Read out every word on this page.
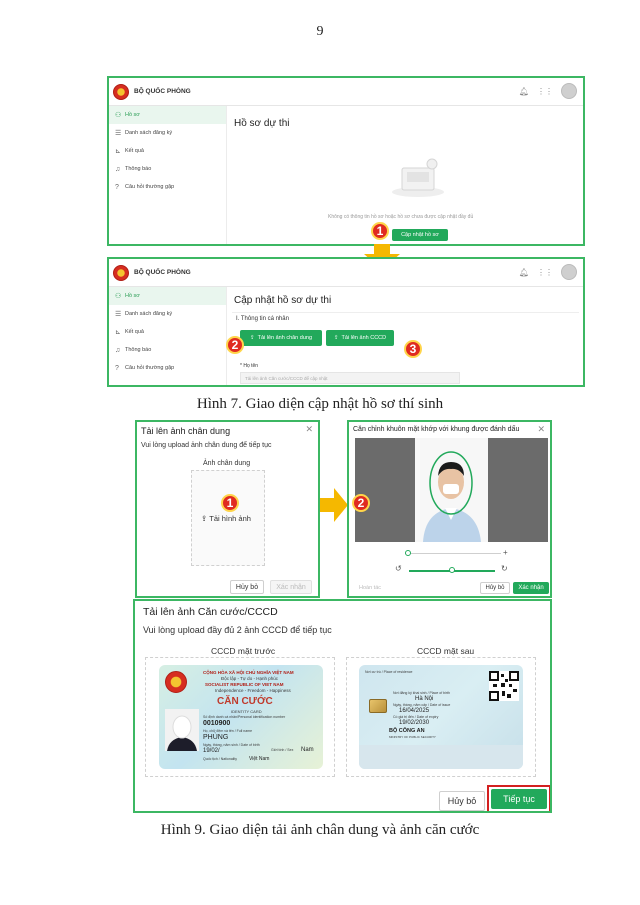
9
BỘ QUỐC PHÒNG	🔔︎ ⋮⋮
⚇ Hồ sơ
☰ Danh sách đăng ký
⊾ Kết quả
♫ Thông báo
?	Câu hỏi thường gặp
Hồ sơ dự thi
Không có thông tin hồ sơ hoặc hồ sơ chưa được cập nhật đầy đủ
Cập nhật hồ sơ
1
BỘ QUỐC PHÒNG	🔔︎ ⋮⋮
⚇ Hồ sơ
☰ Danh sách đăng ký
⊾ Kết quả
♫ Thông báo
?	Câu hỏi thường gặp
Cập nhật hồ sơ dự thi
I. Thông tin cá nhân
⇪ Tải lên ảnh chân dung	⇪ Tải lên ảnh CCCD
* Họ tên
Tải lên ảnh Căn cước/CCCD để cập nhật
2	3
Hình 7. Giao diện cập nhật hồ sơ thí sinh
Tải lên ảnh chân dung	✕
Vui lòng upload ảnh chân dung để tiếp tục
Ảnh chân dung
⇪ Tải hình ảnh
Hủy bỏ	Xác nhận
1
Căn chỉnh khuôn mặt khớp với khung được đánh dấu ✕
+
↺	↻
Hoàn tác	Hủy bỏ	Xác nhận
2
Tải lên ảnh Căn cước/CCCD
Vui lòng upload đầy đủ 2 ảnh CCCD để tiếp tục
CCCD mặt trước	CCCD mặt sau
CỘNG HÒA XÃ HỘI CHỦ NGHĨA VIỆT NAM
Độc lập - Tự do - Hạnh phúc
SOCIALIST REPUBLIC OF VIET NAM
Independence - Freedom - Happiness
CĂN CƯỚC
IDENTITY CARD
Số định danh cá nhân/Personal identification number
0010900
Họ, chữ đệm và tên / Full name
PHÙNG
Ngày, tháng, năm sinh / Date of birth
19/02/	Giới tính / Sex Nam
Quốc tịch / Nationality Việt Nam
Nơi cư trú / Place of residence
Nơi đăng ký khai sinh / Place of birth
Hà Nội
Ngày, tháng, năm cấp / Date of issue
16/04/2025
Có giá trị đến / Date of expiry
19/02/2030
BỘ CÔNG AN
MINISTRY OF PUBLIC SECURITY
Hủy bỏ	Tiếp tục
Hình 9. Giao diện tải ảnh chân dung và ảnh căn cước
